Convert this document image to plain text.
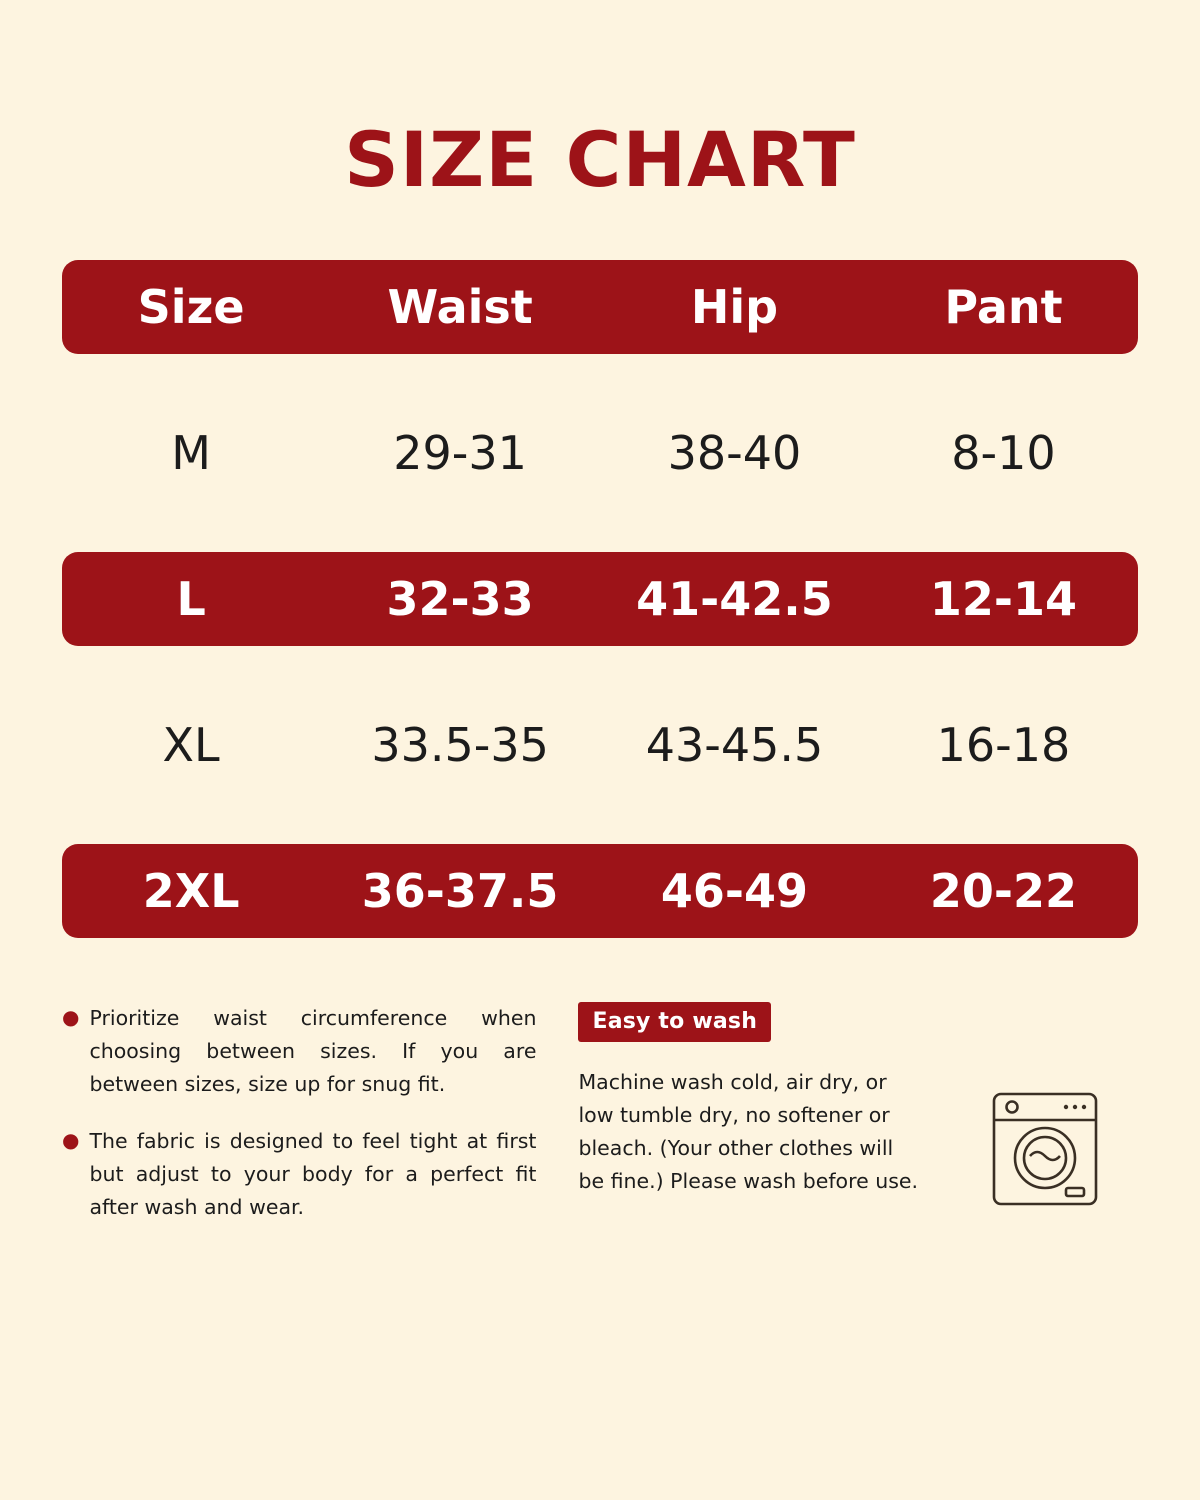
SIZE CHART
Size	Waist	Hip	Pant
M	29-31	38-40	8-10
L	32-33	41-42.5	12-14
XL	33.5-35	43-45.5	16-18
2XL	36-37.5	46-49	20-22
● Prioritize waist circumference when choosing between sizes. If you are between sizes, size up for snug fit.
● The fabric is designed to feel tight at first but adjust to your body for a perfect fit after wash and wear.
Easy to wash
Machine wash cold, air dry, or low tumble dry, no softener or bleach. (Your other clothes will be fine.) Please wash before use.
